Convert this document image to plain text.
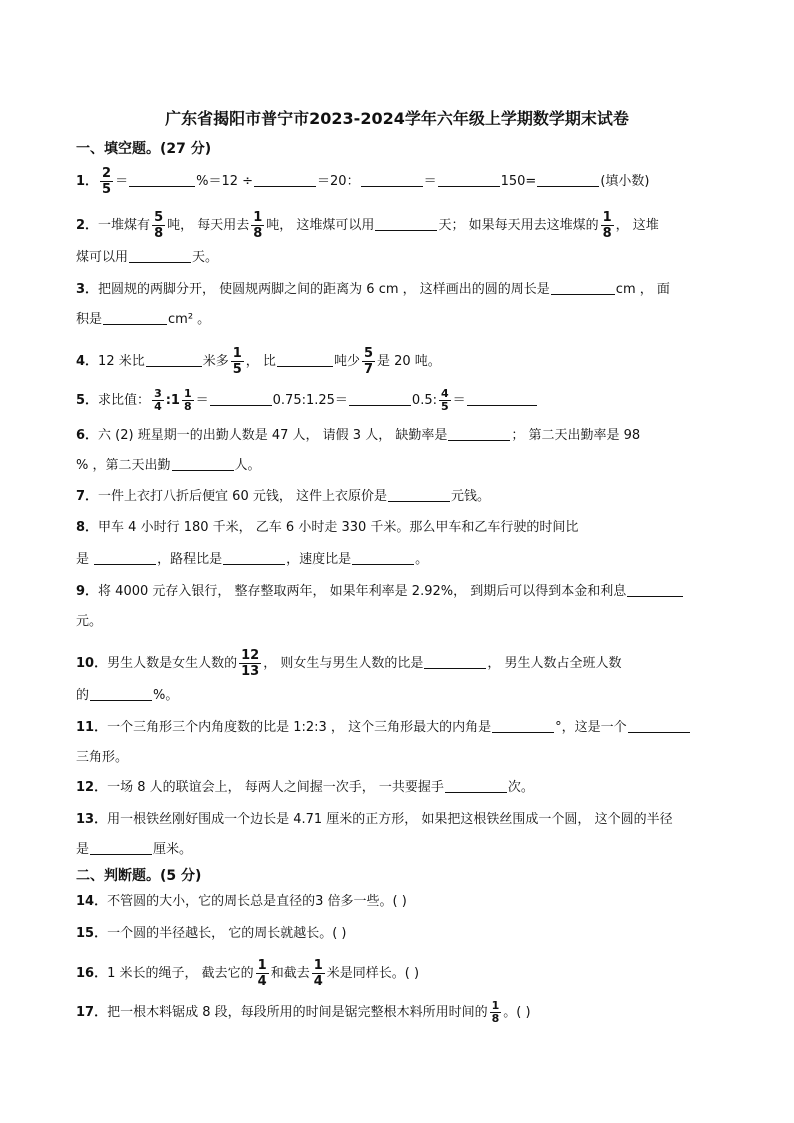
广东省揭阳市普宁市2023-2024学年六年级上学期数学期末试卷
一、填空题。(27 分)
1． $\frac{2}{5}$ ＝	%＝12 ÷	＝20：	＝	150=	(填小数)
2．一堆煤有 $\frac{5}{8}$ 吨， 每天用去 $\frac{1}{8}$ 吨， 这堆煤可以用	天； 如果每天用去这堆煤的 $\frac{1}{8}$ ， 这堆
煤可以用	天。
3．把圆规的两脚分开， 使圆规两脚之间的距离为 6 cm ， 这样画出的圆的周长是	cm ， 面
积是	cm² 。
4．12 米比	米多 $\frac{1}{5}$ ， 比	吨少 $\frac{5}{7}$ 是 20 吨。
5．求比值： $\frac{3}{4}$ :1 $\frac{1}{8}$ ＝	0.75:1.25＝	0.5: $\frac{4}{5}$ ＝
6．六 (2) 班星期一的出勤人数是 47 人， 请假 3 人， 缺勤率是	； 第二天出勤率是 98
% ，第二天出勤	人。
7．一件上衣打八折后便宜 60 元钱， 这件上衣原价是	元钱。
8．甲车 4 小时行 180 千米， 乙车 6 小时走 330 千米。那么甲车和乙车行驶的时间比
是	，路程比是	，速度比是	。
9．将 4000 元存入银行， 整存整取两年， 如果年利率是 2.92%， 到期后可以得到本金和利息
元。
10．男生人数是女生人数的 $\frac{12}{13}$ ， 则女生与男生人数的比是	， 男生人数占全班人数
的	%。
11．一个三角形三个内角度数的比是 1:2:3 ， 这个三角形最大的内角是	°，这是一个
三角形。
12．一场 8 人的联谊会上， 每两人之间握一次手， 一共要握手	次。
13．用一根铁丝刚好围成一个边长是 4.71 厘米的正方形， 如果把这根铁丝围成一个圆， 这个圆的半径
是	厘米。
二、判断题。(5 分)
14．不管圆的大小，它的周长总是直径的3 倍多一些。( )
15．一个圆的半径越长， 它的周长就越长。( )
16．1 米长的绳子， 截去它的 $\frac{1}{4}$ 和截去 $\frac{1}{4}$ 米是同样长。( )
17．把一根木料锯成 8 段，每段所用的时间是锯完整根木料所用时间的 $\frac{1}{8}$ 。( )
